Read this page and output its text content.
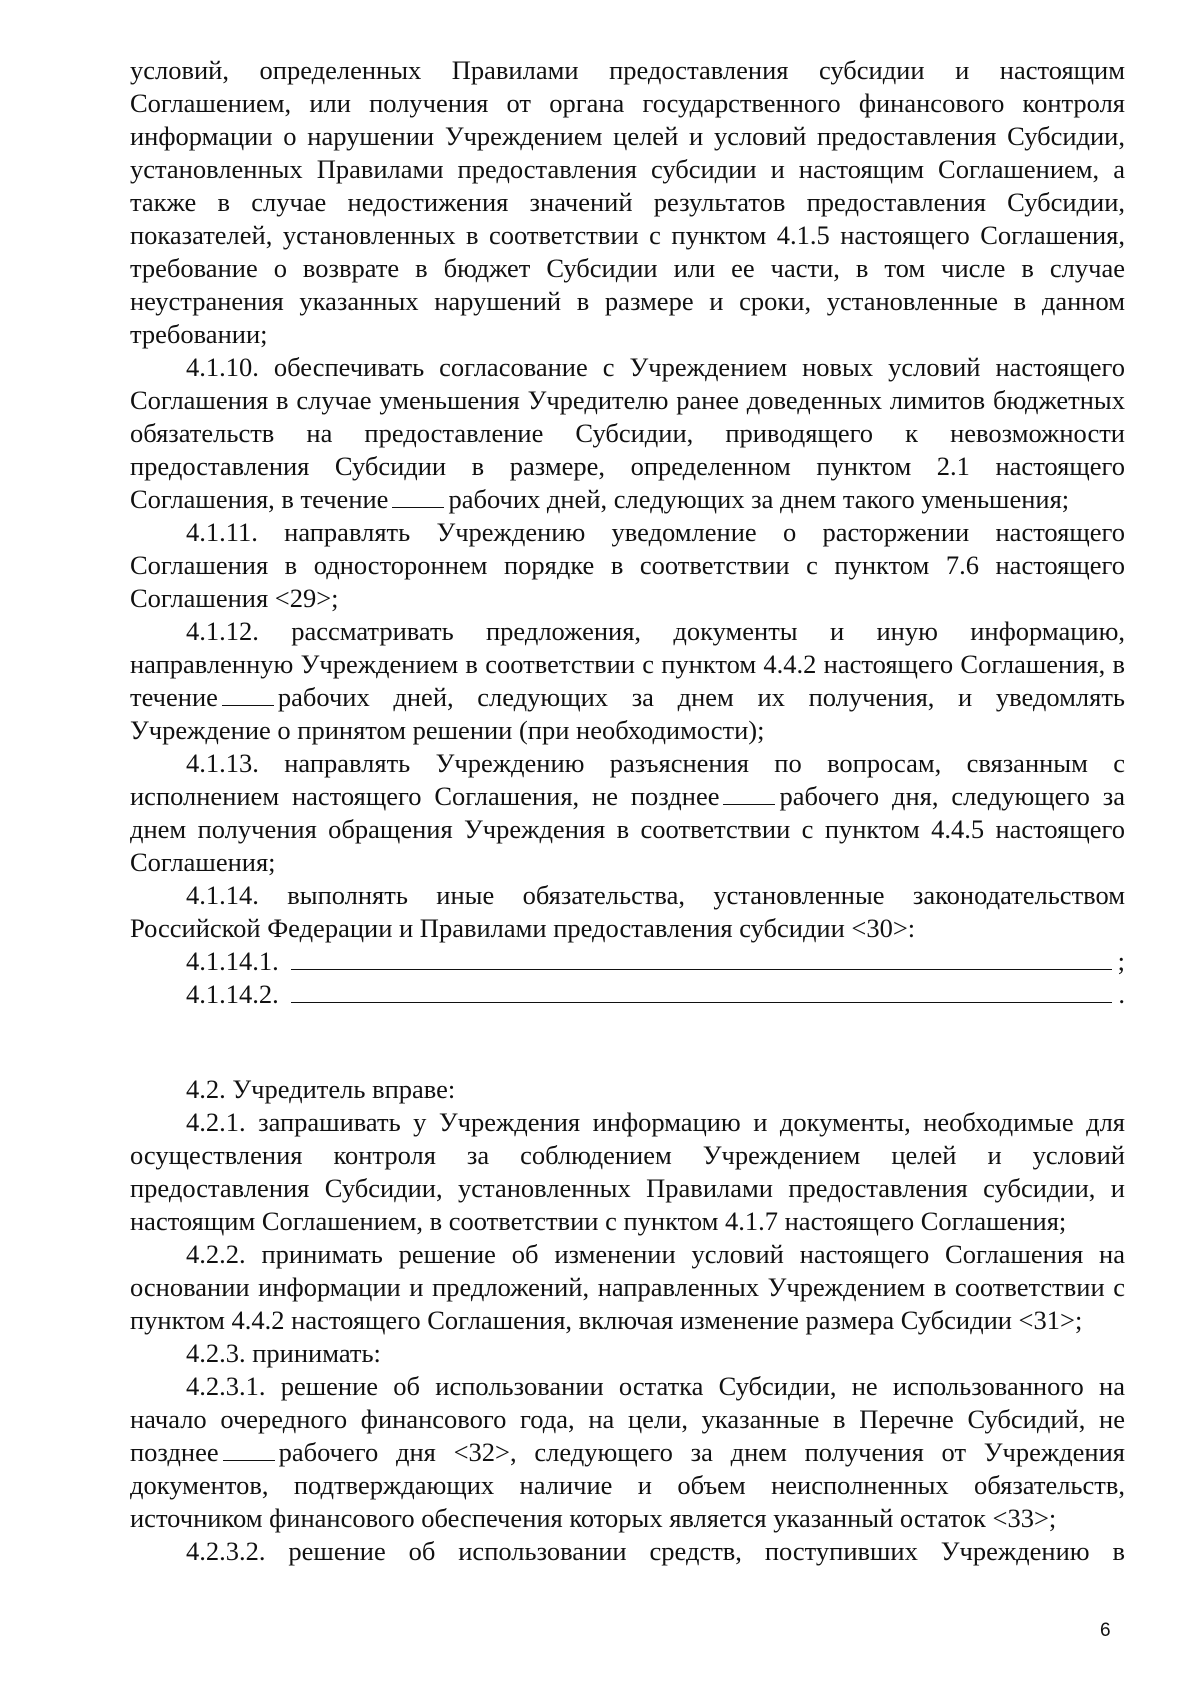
условий, определенных Правилами предоставления субсидии и настоящим Соглашением, или получения от органа государственного финансового контроля информации о нарушении Учреждением целей и условий предоставления Субсидии, установленных Правилами предоставления субсидии и настоящим Соглашением, а также в случае недостижения значений результатов предоставления Субсидии, показателей, установленных в соответствии с пунктом 4.1.5 настоящего Соглашения, требование о возврате в бюджет Субсидии или ее части, в том числе в случае неустранения указанных нарушений в размере и сроки, установленные в данном требовании;

4.1.10. обеспечивать согласование с Учреждением новых условий настоящего Соглашения в случае уменьшения Учредителю ранее доведенных лимитов бюджетных обязательств на предоставление Субсидии, приводящего к невозможности предоставления Субсидии в размере, определенном пунктом 2.1 настоящего Соглашения, в течение рабочих дней, следующих за днем такого уменьшения;

4.1.11. направлять Учреждению уведомление о расторжении настоящего Соглашения в одностороннем порядке в соответствии с пунктом 7.6 настоящего Соглашения <29>;

4.1.12. рассматривать предложения, документы и иную информацию, направленную Учреждением в соответствии с пунктом 4.4.2 настоящего Соглашения, в течение рабочих дней, следующих за днем их получения, и уведомлять Учреждение о принятом решении (при необходимости);

4.1.13. направлять Учреждению разъяснения по вопросам, связанным с исполнением настоящего Соглашения, не позднее рабочего дня, следующего за днем получения обращения Учреждения в соответствии с пунктом 4.4.5 настоящего Соглашения;

4.1.14. выполнять иные обязательства, установленные законодательством Российской Федерации и Правилами предоставления субсидии <30>:

4.1.14.1.	;
4.1.14.2.	.

4.2. Учредитель вправе:

4.2.1. запрашивать у Учреждения информацию и документы, необходимые для осуществления контроля за соблюдением Учреждением целей и условий предоставления Субсидии, установленных Правилами предоставления субсидии, и настоящим Соглашением, в соответствии с пунктом 4.1.7 настоящего Соглашения;

4.2.2. принимать решение об изменении условий настоящего Соглашения на основании информации и предложений, направленных Учреждением в соответствии с пунктом 4.4.2 настоящего Соглашения, включая изменение размера Субсидии <31>;

4.2.3. принимать:

4.2.3.1. решение об использовании остатка Субсидии, не использованного на начало очередного финансового года, на цели, указанные в Перечне Субсидий, не позднее рабочего дня <32>, следующего за днем получения от Учреждения документов, подтверждающих наличие и объем неисполненных обязательств, источником финансового обеспечения которых является указанный остаток <33>;

4.2.3.2. решение об использовании средств, поступивших Учреждению в

6
